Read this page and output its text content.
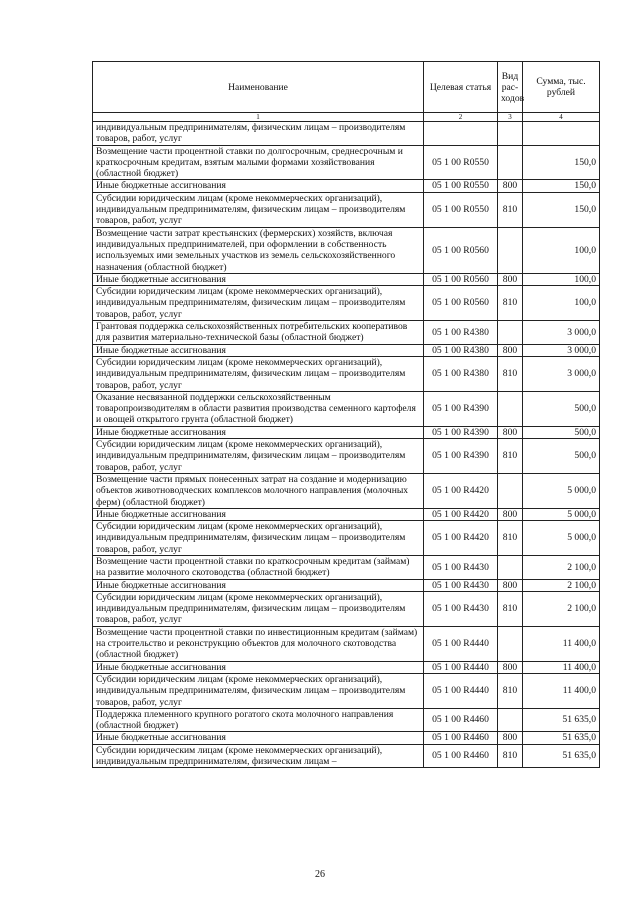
Наименование	Целевая статья	Вид рас-ходов	Сумма, тыс. рублей
1	2	3	4
индивидуальным предпринимателям, физическим лицам – производителям товаров, работ, услуг			
Возмещение части процентной ставки по долгосрочным, среднесрочным и краткосрочным кредитам, взятым малыми формами хозяйствования (областной бюджет)	05 1 00 R0550		150,0
Иные бюджетные ассигнования	05 1 00 R0550	800	150,0
Субсидии юридическим лицам (кроме некоммерческих организаций), индивидуальным предпринимателям, физическим лицам – производителям товаров, работ, услуг	05 1 00 R0550	810	150,0
Возмещение части затрат крестьянских (фермерских) хозяйств, включая индивидуальных предпринимателей, при оформлении в собственность используемых ими земельных участков из земель сельскохозяйственного назначения (областной бюджет)	05 1 00 R0560		100,0
Иные бюджетные ассигнования	05 1 00 R0560	800	100,0
Субсидии юридическим лицам (кроме некоммерческих организаций), индивидуальным предпринимателям, физическим лицам – производителям товаров, работ, услуг	05 1 00 R0560	810	100,0
Грантовая поддержка сельскохозяйственных потребительских кооперативов для развития материально-технической базы (областной бюджет)	05 1 00 R4380		3 000,0
Иные бюджетные ассигнования	05 1 00 R4380	800	3 000,0
Субсидии юридическим лицам (кроме некоммерческих организаций), индивидуальным предпринимателям, физическим лицам – производителям товаров, работ, услуг	05 1 00 R4380	810	3 000,0
Оказание несвязанной поддержки сельскохозяйственным товаропроизводителям в области развития производства семенного картофеля и овощей открытого грунта (областной бюджет)	05 1 00 R4390		500,0
Иные бюджетные ассигнования	05 1 00 R4390	800	500,0
Субсидии юридическим лицам (кроме некоммерческих организаций), индивидуальным предпринимателям, физическим лицам – производителям товаров, работ, услуг	05 1 00 R4390	810	500,0
Возмещение части прямых понесенных затрат на создание и модернизацию объектов животноводческих комплексов молочного направления (молочных ферм) (областной бюджет)	05 1 00 R4420		5 000,0
Иные бюджетные ассигнования	05 1 00 R4420	800	5 000,0
Субсидии юридическим лицам (кроме некоммерческих организаций), индивидуальным предпринимателям, физическим лицам – производителям товаров, работ, услуг	05 1 00 R4420	810	5 000,0
Возмещение части процентной ставки по краткосрочным кредитам (займам) на развитие молочного скотоводства (областной бюджет)	05 1 00 R4430		2 100,0
Иные бюджетные ассигнования	05 1 00 R4430	800	2 100,0
Субсидии юридическим лицам (кроме некоммерческих организаций), индивидуальным предпринимателям, физическим лицам – производителям товаров, работ, услуг	05 1 00 R4430	810	2 100,0
Возмещение части процентной ставки по инвестиционным кредитам (займам) на строительство и реконструкцию объектов для молочного скотоводства (областной бюджет)	05 1 00 R4440		11 400,0
Иные бюджетные ассигнования	05 1 00 R4440	800	11 400,0
Субсидии юридическим лицам (кроме некоммерческих организаций), индивидуальным предпринимателям, физическим лицам – производителям товаров, работ, услуг	05 1 00 R4440	810	11 400,0
Поддержка племенного крупного рогатого скота молочного направления (областной бюджет)	05 1 00 R4460		51 635,0
Иные бюджетные ассигнования	05 1 00 R4460	800	51 635,0
Субсидии юридическим лицам (кроме некоммерческих организаций), индивидуальным предпринимателям, физическим лицам –	05 1 00 R4460	810	51 635,0
26
